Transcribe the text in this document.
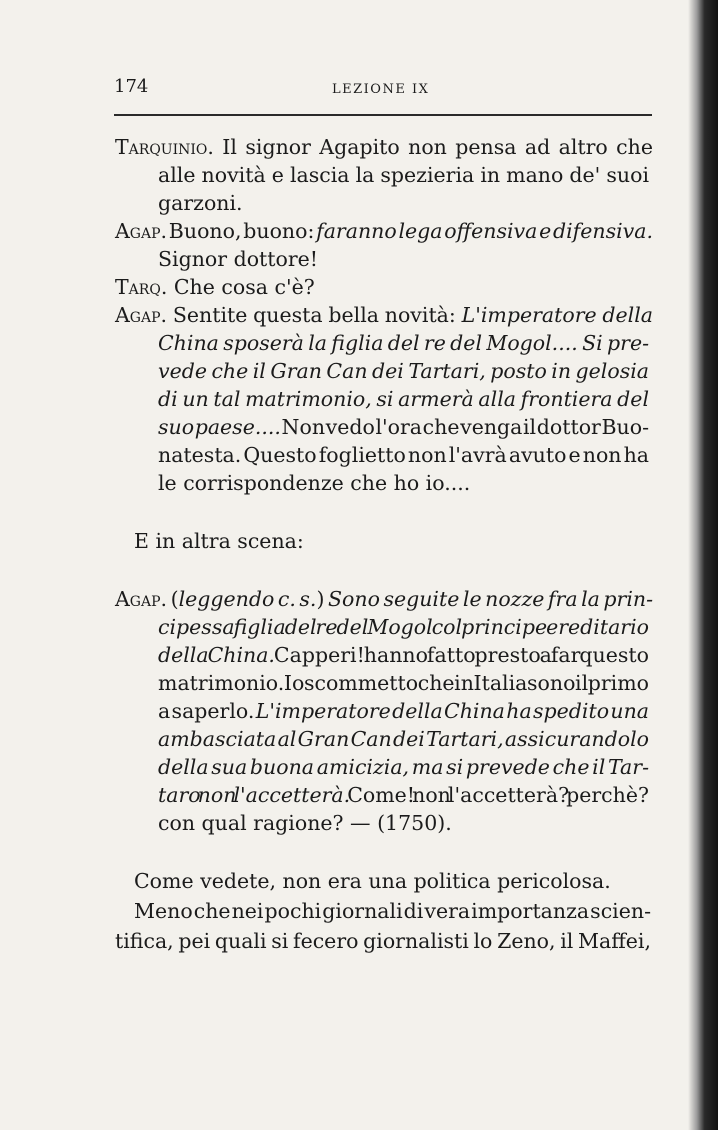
174	LEZIONE IX
Tarquinio. Il signor Agapito non pensa ad altro che
alle novità e lascia la spezieria in mano de' suoi
garzoni.
Agap. Buono, buono: faranno lega offensiva e difensiva.
Signor dottore!
Tarq. Che cosa c'è?
Agap. Sentite questa bella novità: L'imperatore della
China sposerà la figlia del re del Mogol.... Si pre-
vede che il Gran Can dei Tartari, posto in gelosia
di un tal matrimonio, si armerà alla frontiera del
suo paese.... Non vedo l'ora che venga il dottor Buo-
natesta. Questo foglietto non l'avrà avuto e non ha
le corrispondenze che ho io....
E in altra scena:
Agap. (leggendo c. s.) Sono seguite le nozze fra la prin-
cipessa figlia del re del Mogol col principe ereditario
della China. Capperi! hanno fatto presto a far questo
matrimonio. Io scommetto che in Italia sono il primo
a saperlo. L'imperatore della China ha spedito una
ambasciata al Gran Can dei Tartari, assicurandolo
della sua buona amicizia, ma si prevede che il Tar-
taro non l'accetterà. Come! non l'accetterà? perchè?
con qual ragione? — (1750).
Come vedete, non era una politica pericolosa.
Meno che nei pochi giornali di vera importanza scien-
tifica, pei quali si fecero giornalisti lo Zeno, il Maffei,
